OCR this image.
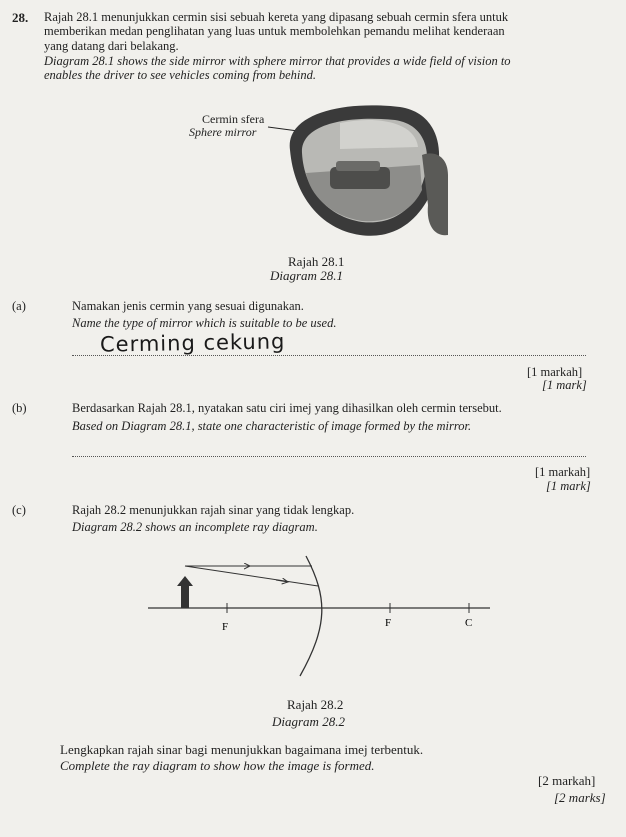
28. Rajah 28.1 menunjukkan cermin sisi sebuah kereta yang dipasang sebuah cermin sfera untuk
memberikan medan penglihatan yang luas untuk membolehkan pemandu melihat kenderaan
yang datang dari belakang.
Diagram 28.1 shows the side mirror with sphere mirror that provides a wide field of vision to
enables the driver to see vehicles coming from behind.
Cermin sfera
Sphere mirror
Rajah 28.1
Diagram 28.1
(a)	Namakan jenis cermin yang sesuai digunakan.
Name the type of mirror which is suitable to be used.
Cerming cekung
[1 markah]
[1 mark]
(b)	Berdasarkan Rajah 28.1, nyatakan satu ciri imej yang dihasilkan oleh cermin tersebut.
Based on Diagram 28.1, state one characteristic of image formed by the mirror.
[1 markah]
[1 mark]
(c)	Rajah 28.2 menunjukkan rajah sinar yang tidak lengkap.
Diagram 28.2 shows an incomplete ray diagram.
F	F	C
Rajah 28.2
Diagram 28.2
Lengkapkan rajah sinar bagi menunjukkan bagaimana imej terbentuk.
Complete the ray diagram to show how the image is formed.
[2 markah]
[2 marks]
